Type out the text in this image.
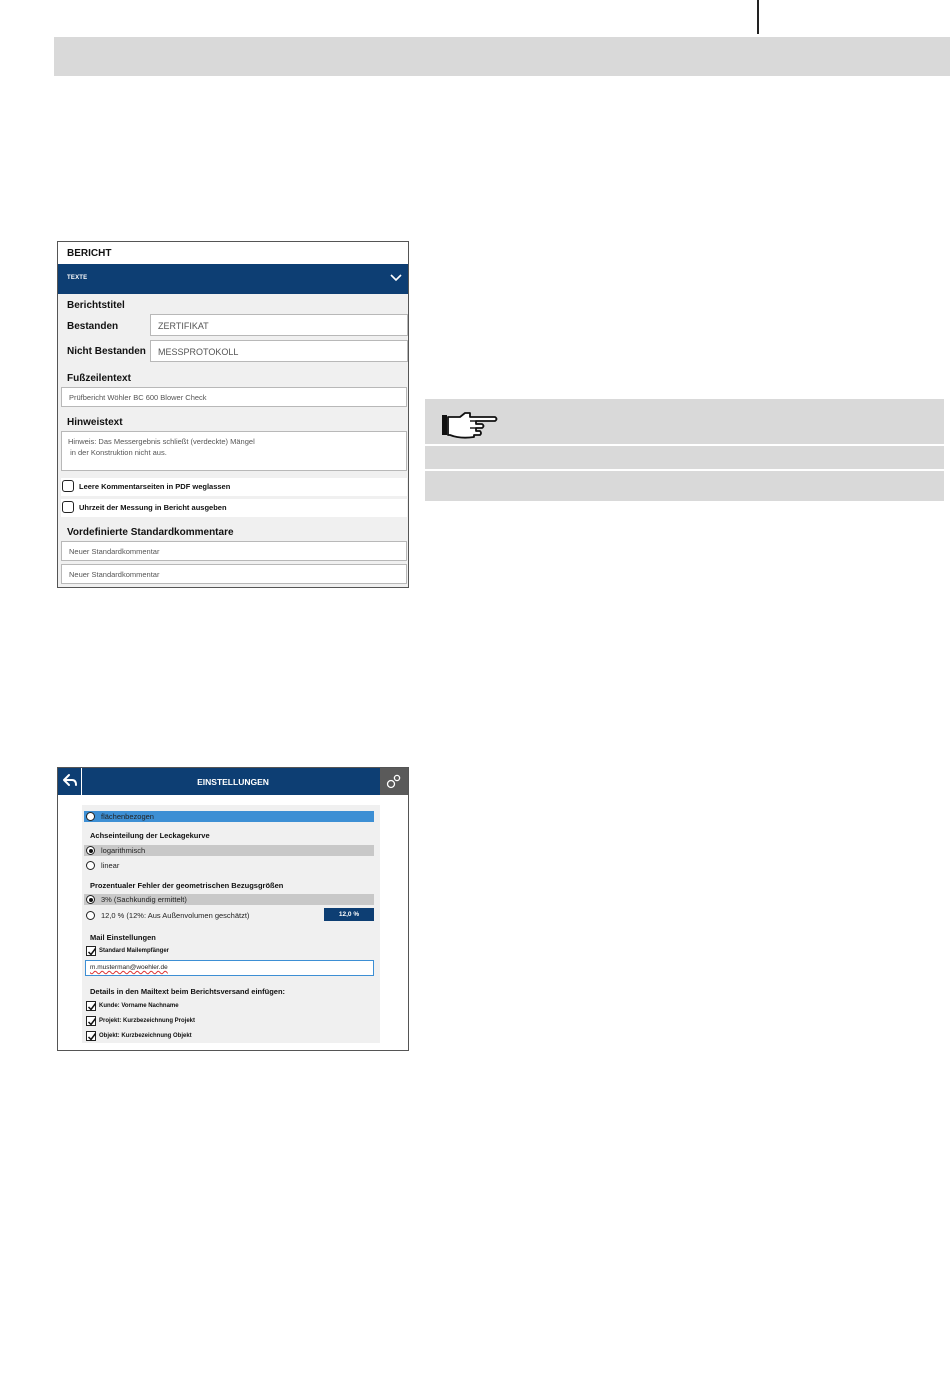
BERICHT
TEXTE
Berichtstitel
Bestanden	ZERTIFIKAT
Nicht Bestanden	MESSPROTOKOLL
Fußzeilentext
Prüfbericht Wöhler BC 600 Blower Check
Hinweistext
Hinweis: Das Messergebnis schließt (verdeckte) Mängel
in der Konstruktion nicht aus.
Leere Kommentarseiten in PDF weglassen
Uhrzeit der Messung in Bericht ausgeben
Vordefinierte Standardkommentare
Neuer Standardkommentar
Neuer Standardkommentar
EINSTELLUNGEN
flächenbezogen
Achseinteilung der Leckagekurve
logarithmisch
linear
Prozentualer Fehler der geometrischen Bezugsgrößen
3% (Sachkundig ermittelt)
12,0 % (12%: Aus Außenvolumen geschätzt)	12,0 %
Mail Einstellungen
Standard Mailempfänger
m.musterman@woehler.de
Details in den Mailtext beim Berichtsversand einfügen:
Kunde: Vorname Nachname
Projekt: Kurzbezeichnung Projekt
Objekt: Kurzbezeichnung Objekt
